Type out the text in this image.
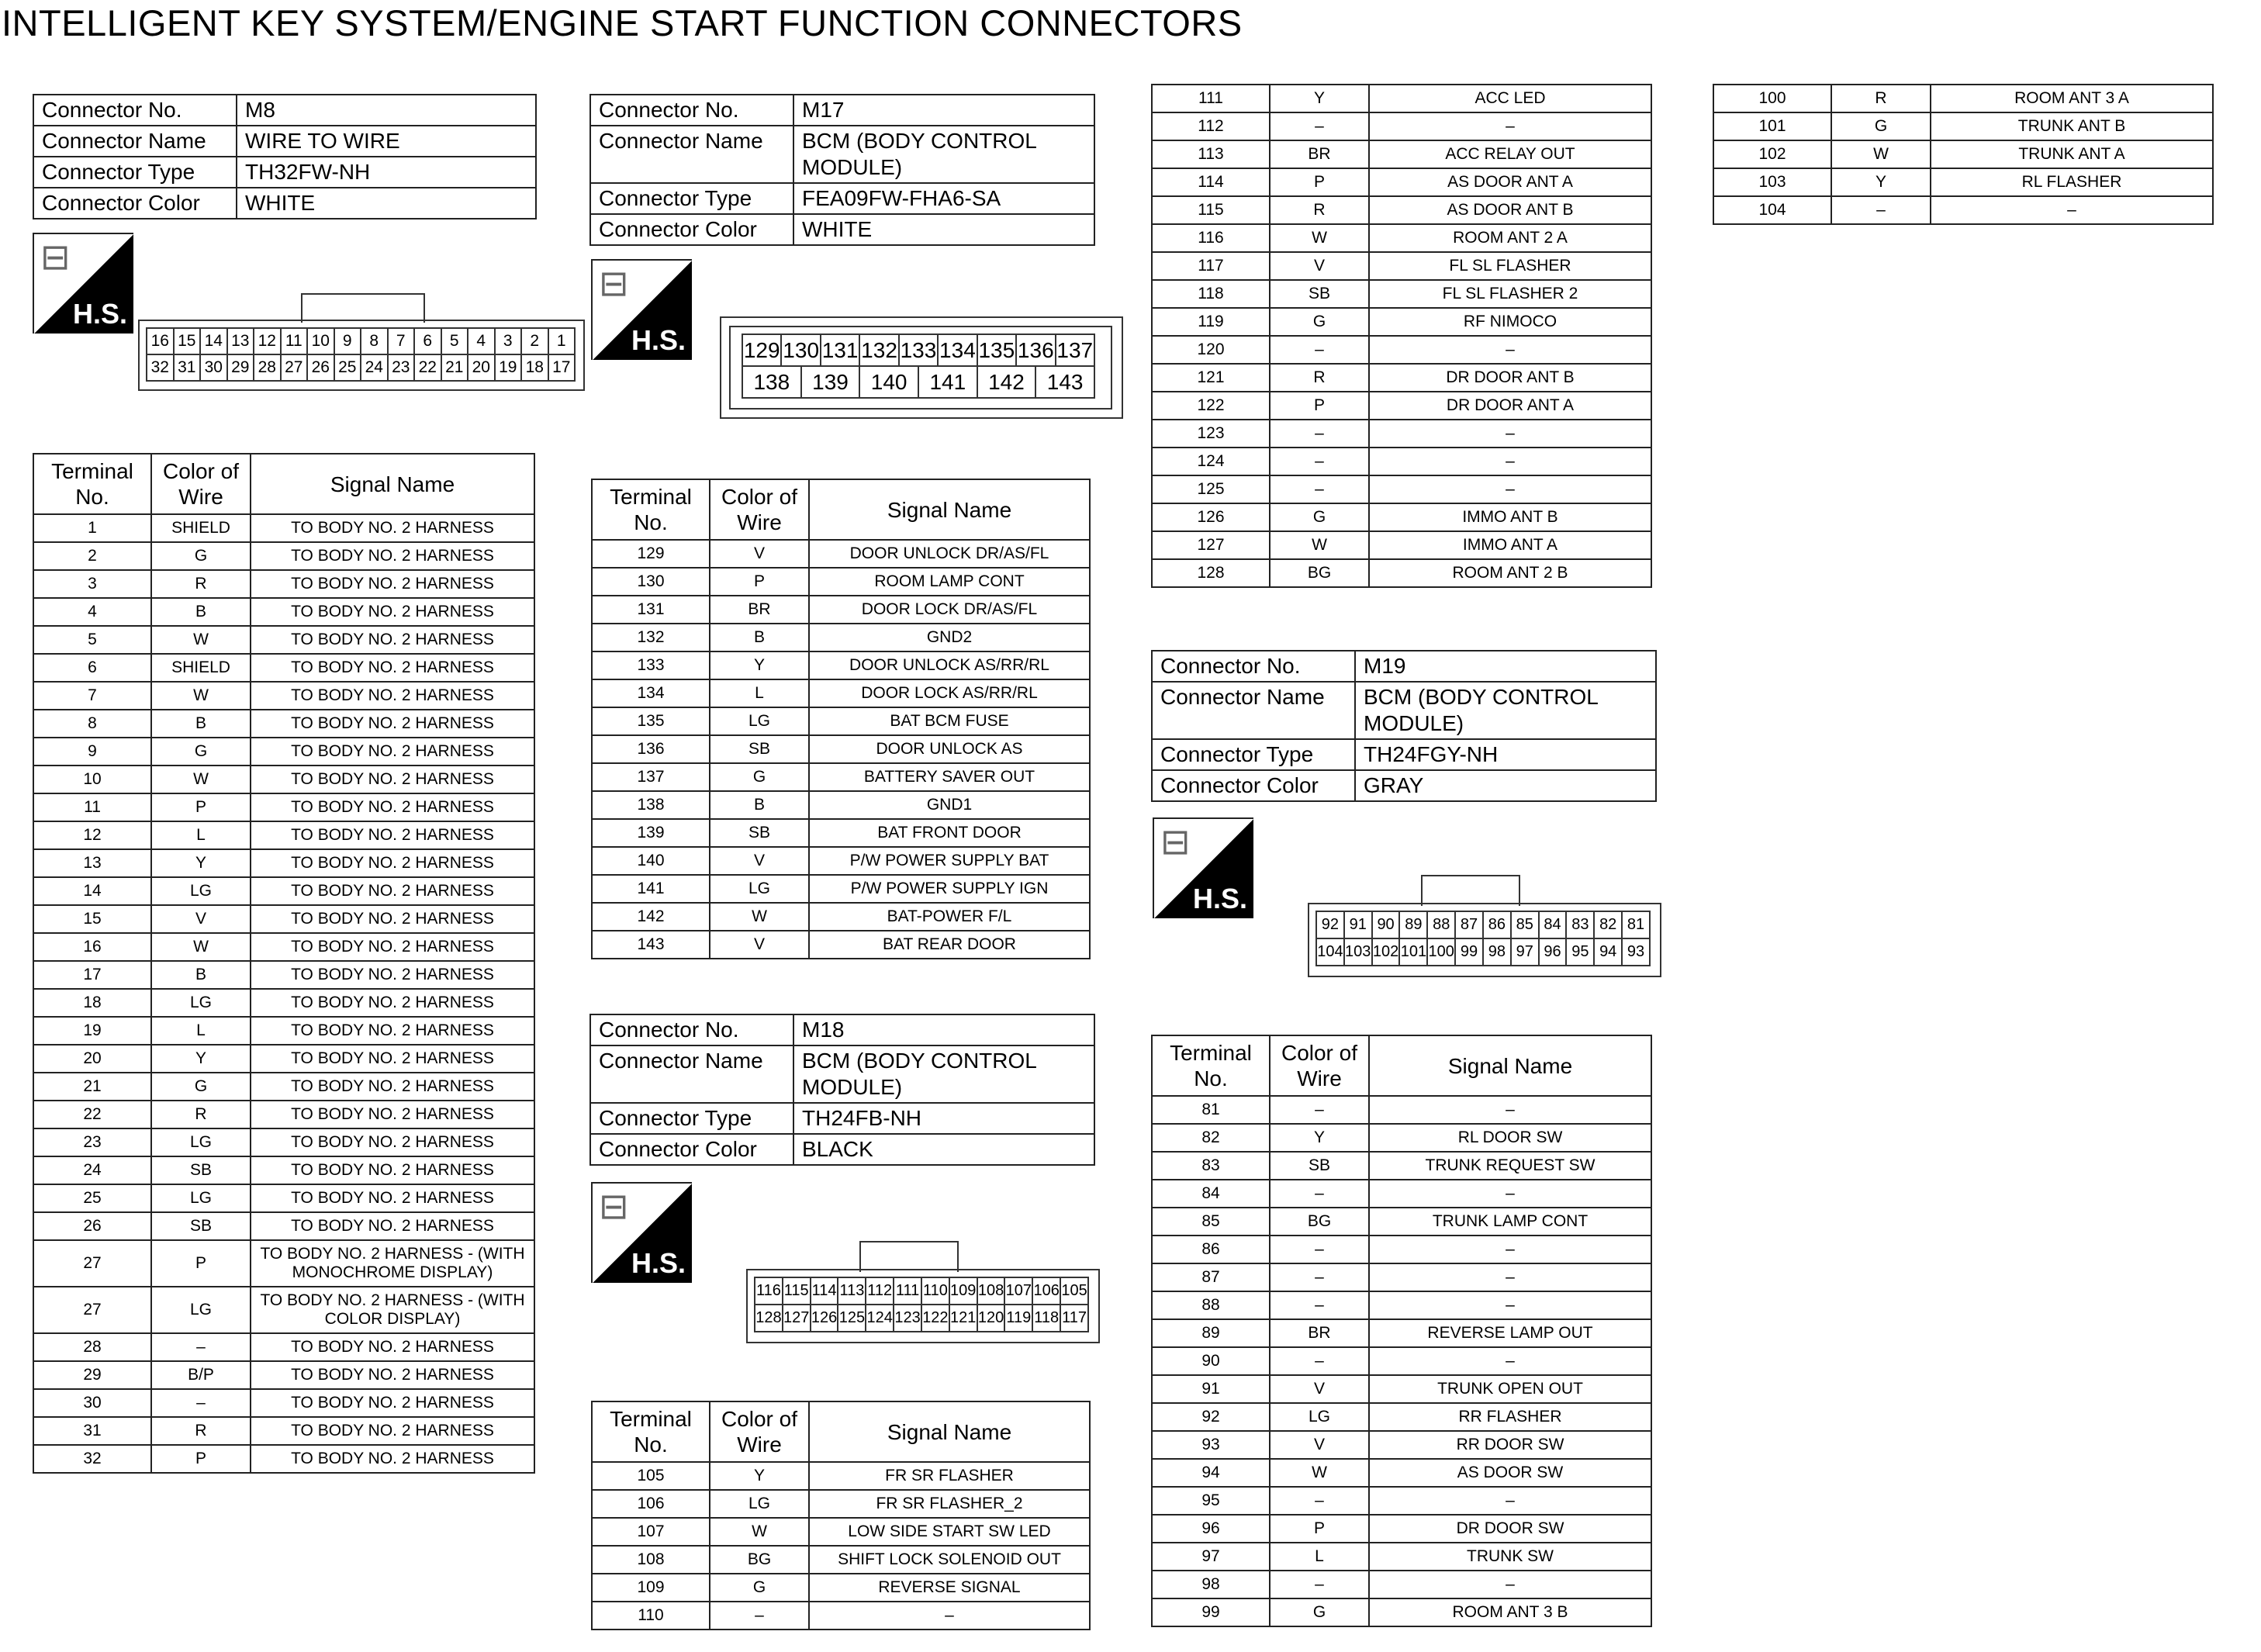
INTELLIGENT KEY SYSTEM/ENGINE START FUNCTION CONNECTORS
Connector No.	M8
Connector Name	WIRE TO WIRE
Connector Type	TH32FW-NH
Connector Color	WHITE
⊟
H.S.
16	15	14	13	12	11	10	9	8	7	6	5	4	3	2	1
32	31	30	29	28	27	26	25	24	23	22	21	20	19	18	17
Terminal No.	Color of Wire	Signal Name
1	SHIELD	TO BODY NO. 2 HARNESS
2	G	TO BODY NO. 2 HARNESS
3	R	TO BODY NO. 2 HARNESS
4	B	TO BODY NO. 2 HARNESS
5	W	TO BODY NO. 2 HARNESS
6	SHIELD	TO BODY NO. 2 HARNESS
7	W	TO BODY NO. 2 HARNESS
8	B	TO BODY NO. 2 HARNESS
9	G	TO BODY NO. 2 HARNESS
10	W	TO BODY NO. 2 HARNESS
11	P	TO BODY NO. 2 HARNESS
12	L	TO BODY NO. 2 HARNESS
13	Y	TO BODY NO. 2 HARNESS
14	LG	TO BODY NO. 2 HARNESS
15	V	TO BODY NO. 2 HARNESS
16	W	TO BODY NO. 2 HARNESS
17	B	TO BODY NO. 2 HARNESS
18	LG	TO BODY NO. 2 HARNESS
19	L	TO BODY NO. 2 HARNESS
20	Y	TO BODY NO. 2 HARNESS
21	G	TO BODY NO. 2 HARNESS
22	R	TO BODY NO. 2 HARNESS
23	LG	TO BODY NO. 2 HARNESS
24	SB	TO BODY NO. 2 HARNESS
25	LG	TO BODY NO. 2 HARNESS
26	SB	TO BODY NO. 2 HARNESS
27	P	TO BODY NO. 2 HARNESS - (WITH MONOCHROME DISPLAY)
27	LG	TO BODY NO. 2 HARNESS - (WITH COLOR DISPLAY)
28	–	TO BODY NO. 2 HARNESS
29	B/P	TO BODY NO. 2 HARNESS
30	–	TO BODY NO. 2 HARNESS
31	R	TO BODY NO. 2 HARNESS
32	P	TO BODY NO. 2 HARNESS
Connector No.	M17
Connector Name	BCM (BODY CONTROL MODULE)
Connector Type	FEA09FW-FHA6-SA
Connector Color	WHITE
⊟
H.S.	129	130		131	132	133		134	135	136		137
138		139		140		141		142		143	
Terminal No.	Color of Wire	Signal Name
129	V	DOOR UNLOCK DR/AS/FL
130	P	ROOM LAMP CONT
131	BR	DOOR LOCK DR/AS/FL
132	B	GND2
133	Y	DOOR UNLOCK AS/RR/RL
134	L	DOOR LOCK AS/RR/RL
135	LG	BAT BCM FUSE
136	SB	DOOR UNLOCK AS
137	G	BATTERY SAVER OUT
138	B	GND1
139	SB	BAT FRONT DOOR
140	V	P/W POWER SUPPLY BAT
141	LG	P/W POWER SUPPLY IGN
142	W	BAT-POWER F/L
143	V	BAT REAR DOOR
Connector No.	M18
Connector Name	BCM (BODY CONTROL MODULE)
Connector Type	TH24FB-NH
Connector Color	BLACK
⊟
H.S.
116	115	114	113	112	111	110	109	108	107	106	105
128	127	126	125	124	123	122	121	120	119	118	117
Terminal No.	Color of Wire	Signal Name
105	Y	FR SR FLASHER
106	LG	FR SR FLASHER_2
107	W	LOW SIDE START SW LED
108	BG	SHIFT LOCK SOLENOID OUT
109	G	REVERSE SIGNAL
110	–	–
111	Y	ACC LED
112	–	–
113	BR	ACC RELAY OUT
114	P	AS DOOR ANT A
115	R	AS DOOR ANT B
116	W	ROOM ANT 2 A
117	V	FL SL FLASHER
118	SB	FL SL FLASHER 2
119	G	RF NIMOCO
120	–	–
121	R	DR DOOR ANT B
122	P	DR DOOR ANT A
123	–	–
124	–	–
125	–	–
126	G	IMMO ANT B
127	W	IMMO ANT A
128	BG	ROOM ANT 2 B
Connector No.	M19
Connector Name	BCM (BODY CONTROL MODULE)
Connector Type	TH24FGY-NH
Connector Color	GRAY
⊟
H.S.
92	91	90	89	88	87	86	85	84	83	82	81
104	103	102	101	100	99	98	97	96	95	94	93
Terminal No.	Color of Wire	Signal Name
81	–	–
82	Y	RL DOOR SW
83	SB	TRUNK REQUEST SW
84	–	–
85	BG	TRUNK LAMP CONT
86	–	–
87	–	–
88	–	–
89	BR	REVERSE LAMP OUT
90	–	–
91	V	TRUNK OPEN OUT
92	LG	RR FLASHER
93	V	RR DOOR SW
94	W	AS DOOR SW
95	–	–
96	P	DR DOOR SW
97	L	TRUNK SW
98	–	–
99	G	ROOM ANT 3 B
100	R	ROOM ANT 3 A
101	G	TRUNK ANT B
102	W	TRUNK ANT A
103	Y	RL FLASHER
104	–	–
